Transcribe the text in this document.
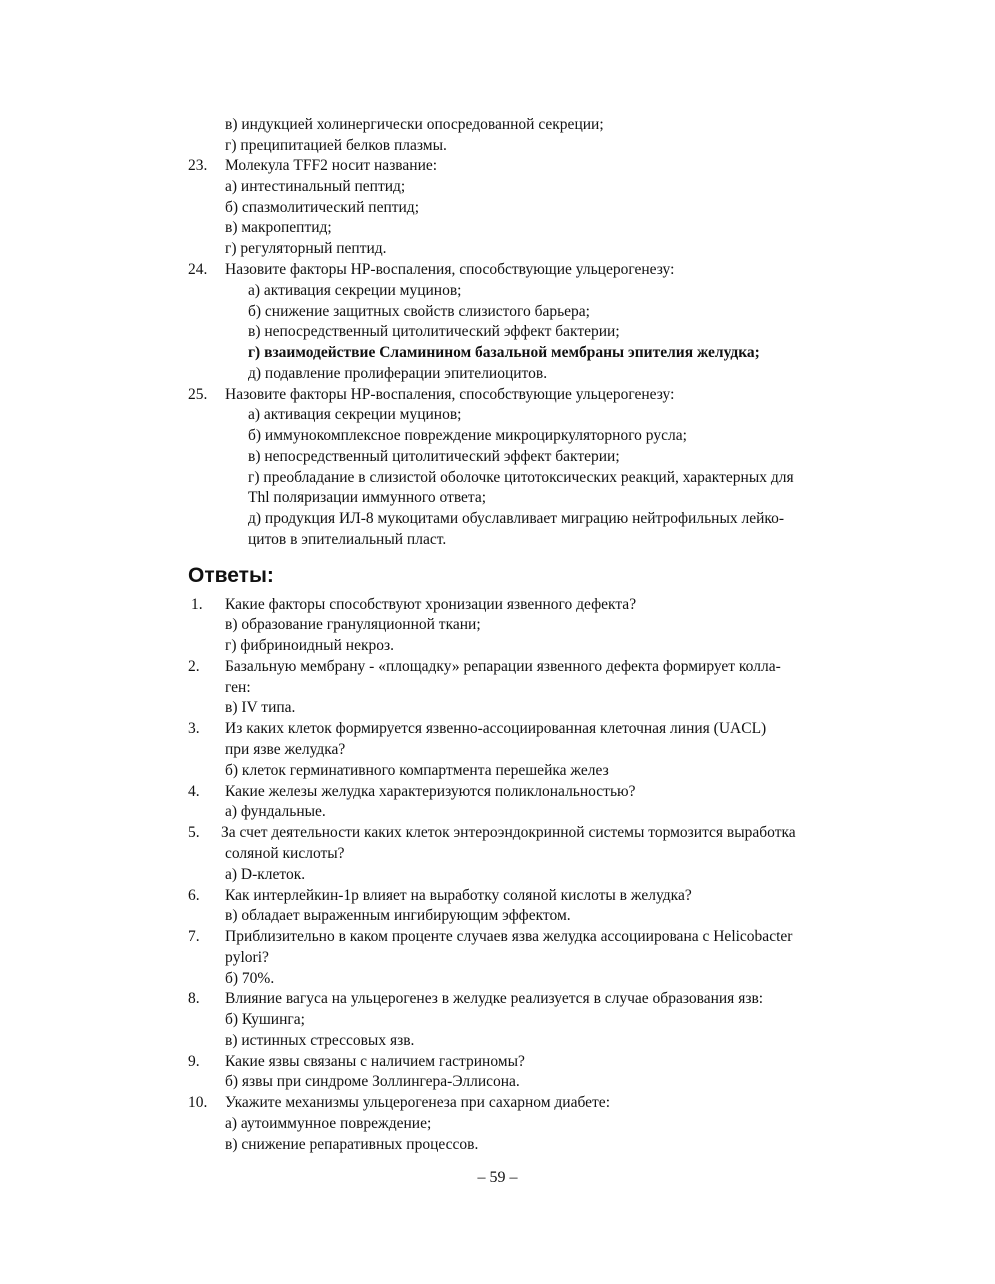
в) индукцией холинергически опосредованной секреции;
г) преципитацией белков плазмы.
23.	Молекула TFF2 носит название:
а) интестинальный пептид;
б) спазмолитический пептид;
в) макропептид;
г) регуляторный пептид.
24.	Назовите факторы НР-воспаления, способствующие ульцерогенезу:
а) активация секреции муцинов;
б) снижение защитных свойств слизистого барьера;
в) непосредственный цитолитический эффект бактерии;
г) взаимодействие Сламинином базальной мембраны эпителия желудка;
д) подавление пролиферации эпителиоцитов.
25.	Назовите факторы НР-воспаления, способствующие ульцерогенезу:
а) активация секреции муцинов;
б) иммунокомплексное повреждение микроциркуляторного русла;
в) непосредственный цитолитический эффект бактерии;
г) преобладание в слизистой оболочке цитотоксических реакций, характерных для
Thl поляризации иммунного ответа;
д) продукция ИЛ-8 мукоцитами обуславливает миграцию нейтрофильных лейко-
цитов в эпителиальный пласт.
Ответы:
1.	Какие факторы способствуют хронизации язвенного дефекта?
в) образование грануляционной ткани;
г) фибриноидный некроз.
2.	Базальную мембрану - «площадку» репарации язвенного дефекта формирует колла-
ген:
в) IV типа.
3.	Из каких клеток формируется язвенно-ассоциированная клеточная линия (UACL)
при язве желудка?
б) клеток герминативного компартмента перешейка желез
4.	Какие железы желудка характеризуются поликлональностью?
а) фундальные.
5.	За счет деятельности каких клеток энтероэндокринной системы тормозится выработка
соляной кислоты?
а) D-клеток.
6.	Как интерлейкин-1p влияет на выработку соляной кислоты в желудка?
в) обладает выраженным ингибирующим эффектом.
7.	Приблизительно в каком проценте случаев язва желудка ассоциирована с Helicobacter
pylori?
б) 70%.
8.	Влияние вагуса на ульцерогенез в желудке реализуется в случае образования язв:
б) Кушинга;
в) истинных стрессовых язв.
9.	Какие язвы связаны с наличием гастриномы?
б) язвы при синдроме Золлингера-Эллисона.
10.	Укажите механизмы ульцерогенеза при сахарном диабете:
а) аутоиммунное повреждение;
в) снижение репаративных процессов.
– 59 –
